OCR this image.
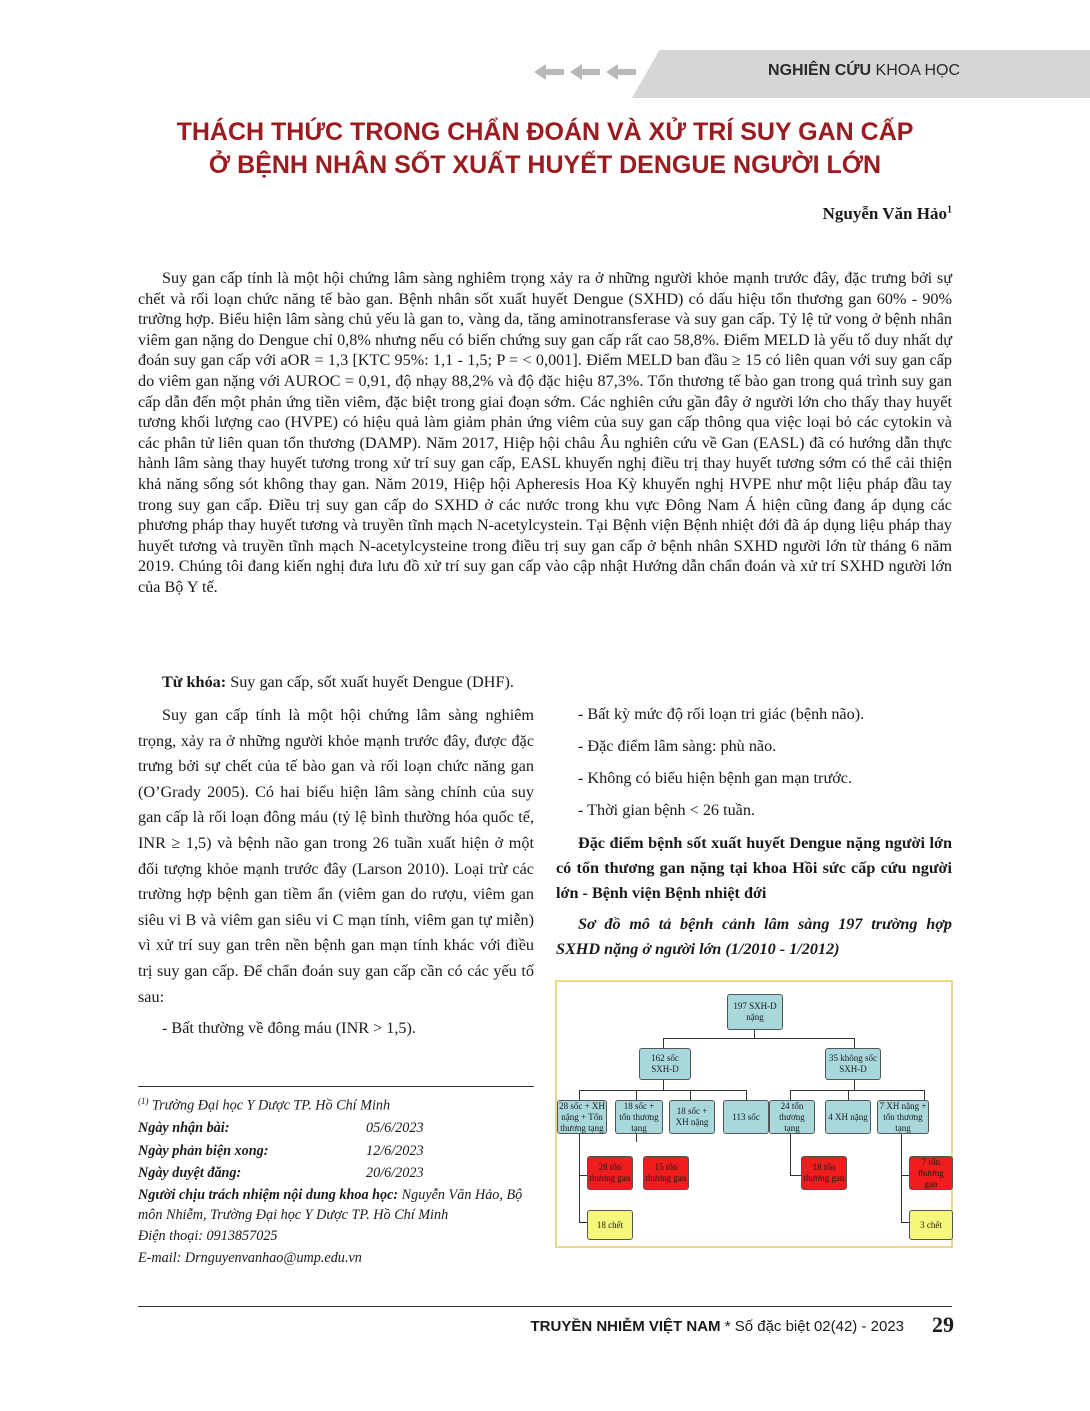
NGHIÊN CỨU KHOA HỌC
THÁCH THỨC TRONG CHẨN ĐOÁN VÀ XỬ TRÍ SUY GAN CẤP
Ở BỆNH NHÂN SỐT XUẤT HUYẾT DENGUE NGƯỜI LỚN
Nguyễn Văn Hảo$^1$

Suy gan cấp tính là một hội chứng lâm sàng nghiêm trọng xảy ra ở những người khỏe mạnh trước đây, đặc trưng bởi sự chết và rối loạn chức năng tế bào gan. Bệnh nhân sốt xuất huyết Dengue (SXHD) có dấu hiệu tổn thương gan 60% - 90% trường hợp. Biểu hiện lâm sàng chủ yếu là gan to, vàng da, tăng aminotransferase và suy gan cấp. Tỷ lệ tử vong ở bệnh nhân viêm gan nặng do Dengue chỉ 0,8% nhưng nếu có biến chứng suy gan cấp rất cao 58,8%. Điểm MELD là yếu tố duy nhất dự đoán suy gan cấp với aOR = 1,3 [KTC 95%: 1,1 - 1,5; P = < 0,001]. Điểm MELD ban đầu ≥ 15 có liên quan với suy gan cấp do viêm gan nặng với AUROC = 0,91, độ nhạy 88,2% và độ đặc hiệu 87,3%. Tổn thương tế bào gan trong quá trình suy gan cấp dẫn đến một phản ứng tiền viêm, đặc biệt trong giai đoạn sớm. Các nghiên cứu gần đây ở người lớn cho thấy thay huyết tương khối lượng cao (HVPE) có hiệu quả làm giảm phản ứng viêm của suy gan cấp thông qua việc loại bỏ các cytokin và các phân tử liên quan tổn thương (DAMP). Năm 2017, Hiệp hội châu Âu nghiên cứu về Gan (EASL) đã có hướng dẫn thực hành lâm sàng thay huyết tương trong xử trí suy gan cấp, EASL khuyến nghị điều trị thay huyết tương sớm có thể cải thiện khả năng sống sót không thay gan. Năm 2019, Hiệp hội Apheresis Hoa Kỳ khuyến nghị HVPE như một liệu pháp đầu tay trong suy gan cấp. Điều trị suy gan cấp do SXHD ở các nước trong khu vực Đông Nam Á hiện cũng đang áp dụng các phương pháp thay huyết tương và truyền tĩnh mạch N-acetylcystein. Tại Bệnh viện Bệnh nhiệt đới đã áp dụng liệu pháp thay huyết tương và truyền tĩnh mạch N-acetylcysteine trong điều trị suy gan cấp ở bệnh nhân SXHD người lớn từ tháng 6 năm 2019. Chúng tôi đang kiến nghị đưa lưu đồ xử trí suy gan cấp vào cập nhật Hướng dẫn chẩn đoán và xử trí SXHD người lớn của Bộ Y tế.

Từ khóa: Suy gan cấp, sốt xuất huyết Dengue (DHF).

Suy gan cấp tính là một hội chứng lâm sàng nghiêm trọng, xảy ra ở những người khỏe mạnh trước đây, được đặc trưng bởi sự chết của tế bào gan và rối loạn chức năng gan (O’Grady 2005). Có hai biểu hiện lâm sàng chính của suy gan cấp là rối loạn đông máu (tỷ lệ bình thường hóa quốc tế, INR ≥ 1,5) và bệnh não gan trong 26 tuần xuất hiện ở một đối tượng khỏe mạnh trước đây (Larson 2010). Loại trừ các trường hợp bệnh gan tiềm ẩn (viêm gan do rượu, viêm gan siêu vi B và viêm gan siêu vi C mạn tính, viêm gan tự miễn) vì xử trí suy gan trên nền bệnh gan mạn tính khác với điều trị suy gan cấp. Để chẩn đoán suy gan cấp cần có các yếu tố sau:

- Bất thường về đông máu (INR > 1,5).

- Bất kỳ mức độ rối loạn tri giác (bệnh não).

- Đặc điểm lâm sàng: phù não.

- Không có biểu hiện bệnh gan mạn trước.

- Thời gian bệnh < 26 tuần.

Đặc điểm bệnh sốt xuất huyết Dengue nặng người lớn có tổn thương gan nặng tại khoa Hồi sức cấp cứu người lớn - Bệnh viện Bệnh nhiệt đới

Sơ đồ mô tả bệnh cảnh lâm sàng 197 trường hợp SXHD nặng ở người lớn (1/2010 - 1/2012)

197 SXH-D nặng
162 sốc SXH-D
35 không sốc SXH-D
28 sốc + XH nặng + Tổn thương tạng
18 sốc + tổn thương tạng
18 sốc + XH nặng
113 sốc
24 tổn thương tạng
4 XH nặng
7 XH nặng + tổn thương tạng
28 tổn thương gan
15 tổn thương gan
18 tổn thương gan
7 tổn thương gan
18 chết	3 chết
$^{(1)}$ Trường Đại học Y Dược TP. Hồ Chí Minh
Ngày nhận bài:	05/6/2023
Ngày phản biện xong:	12/6/2023
Ngày duyệt đăng:	20/6/2023
Người chịu trách nhiệm nội dung khoa học: Nguyễn Văn Hảo, Bộ môn Nhiễm, Trường Đại học Y Dược TP. Hồ Chí Minh
Điện thoại: 0913857025
E-mail: Drnguyenvanhao@ump.edu.vn
TRUYỀN NHIỄM VIỆT NAM * Số đặc biệt 02(42) - 2023	29
